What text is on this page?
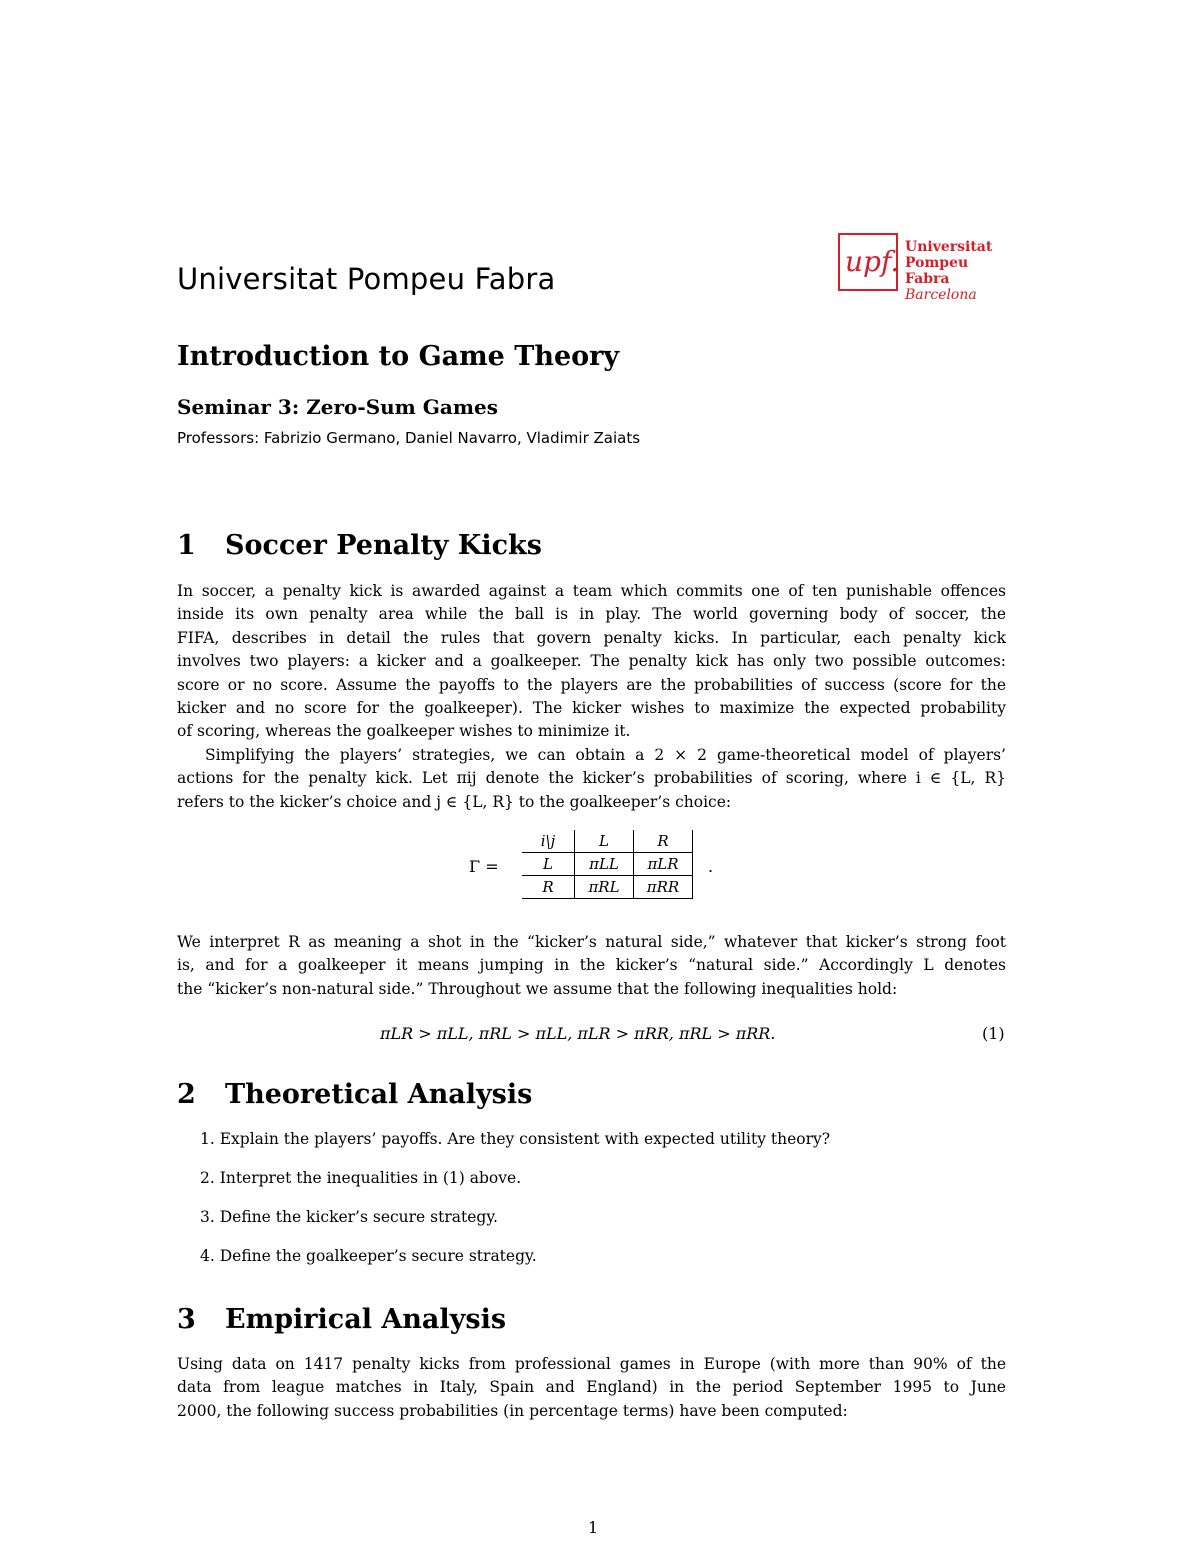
Universitat Pompeu Fabra
upf. Universitat
Pompeu Fabra
Barcelona
Introduction to Game Theory
Seminar 3: Zero-Sum Games
Professors: Fabrizio Germano, Daniel Navarro, Vladimir Zaiats
1 Soccer Penalty Kicks
In soccer, a penalty kick is awarded against a team which commits one of ten punishable offences
inside its own penalty area while the ball is in play. The world governing body of soccer, the
FIFA, describes in detail the rules that govern penalty kicks. In particular, each penalty kick
involves two players: a kicker and a goalkeeper. The penalty kick has only two possible outcomes:
score or no score. Assume the payoffs to the players are the probabilities of success (score for the
kicker and no score for the goalkeeper). The kicker wishes to maximize the expected probability
of scoring, whereas the goalkeeper wishes to minimize it.
Simplifying the players’ strategies, we can obtain a 2 × 2 game-theoretical model of players’
actions for the penalty kick. Let πij denote the kicker’s probabilities of scoring, where i ∈ {L, R}
refers to the kicker’s choice and j ∈ {L, R} to the goalkeeper’s choice:
Γ =
i\j	L	R
L	πLL	πLR
R	πRL	πRR
.
We interpret R as meaning a shot in the “kicker’s natural side,” whatever that kicker’s strong foot
is, and for a goalkeeper it means jumping in the kicker’s “natural side.” Accordingly L denotes
the “kicker’s non-natural side.” Throughout we assume that the following inequalities hold:
πLR > πLL, πRL > πLL, πLR > πRR, πRL > πRR.	(1)
2 Theoretical Analysis
1. Explain the players’ payoffs. Are they consistent with expected utility theory?
2. Interpret the inequalities in (1) above.
3. Define the kicker’s secure strategy.
4. Define the goalkeeper’s secure strategy.
3 Empirical Analysis
Using data on 1417 penalty kicks from professional games in Europe (with more than 90% of the
data from league matches in Italy, Spain and England) in the period September 1995 to June
2000, the following success probabilities (in percentage terms) have been computed:
1
